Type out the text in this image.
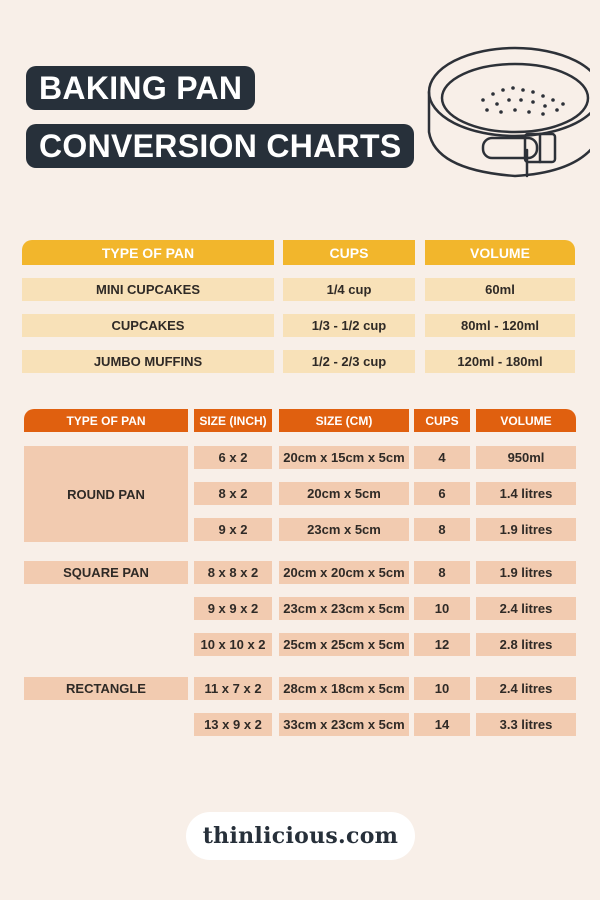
BAKING PAN
CONVERSION CHARTS
TYPE OF PAN	CUPS	VOLUME
MINI CUPCAKES	1/4 cup	60ml
CUPCAKES	1/3 - 1/2 cup	80ml - 120ml
JUMBO MUFFINS	1/2 - 2/3 cup	120ml - 180ml
TYPE OF PAN	SIZE (INCH)	SIZE (CM)	CUPS	VOLUME
ROUND PAN
6 x 2	20cm x 15cm x 5cm	4	950ml
8 x 2	20cm x 5cm	6	1.4 litres
9 x 2	23cm x 5cm	8	1.9 litres
SQUARE PAN	8 x 8 x 2	20cm x 20cm x 5cm	8	1.9 litres
9 x 9 x 2	23cm x 23cm x 5cm	10	2.4 litres
10 x 10 x 2	25cm x 25cm x 5cm	12	2.8 litres
RECTANGLE	11 x 7 x 2	28cm x 18cm x 5cm	10	2.4 litres
13 x 9 x 2	33cm x 23cm x 5cm	14	3.3 litres
thinlicious.com
